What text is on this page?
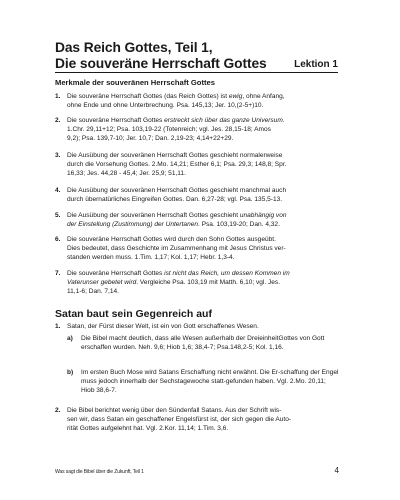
Das Reich Gottes, Teil 1,
Die souveräne Herrschaft Gottes	Lektion 1
Merkmale der souveränen Herrschaft Gottes
1. Die souveräne Herrschaft Gottes (das Reich Gottes) ist ewig, ohne Anfang,
ohne Ende und ohne Unterbrechung. Psa. 145,13; Jer. 10,(2-5+)10.
2. Die souveräne Herrschaft Gottes erstreckt sich über das ganze Universum.
1.Chr. 29,11+12; Psa. 103,19-22 (Totenreich; vgl. Jes. 28,15-18; Amos
9,2); Psa. 139,7-10; Jer. 10,7; Dan. 2,19-23; 4,14+22+29.
3. Die Ausübung der souveränen Herrschaft Gottes geschieht normalerweise
durch die Vorsehung Gottes. 2.Mo. 14,21; Esther 6,1; Psa. 29,3; 148,8; Spr.
16,33; Jes. 44,28 - 45,4; Jer. 25,9; 51,11.
4. Die Ausübung der souveränen Herrschaft Gottes geschieht manchmal auch
durch übernatürliches Eingreifen Gottes. Dan. 6,27-28; vgl. Psa. 135,5-13.
5. Die Ausübung der souveränen Herrschaft Gottes geschieht unabhängig von
der Einstellung (Zustimmung) der Untertanen. Psa. 103,19-20; Dan. 4,32.
6. Die souveräne Herrschaft Gottes wird durch den Sohn Gottes ausgeübt.
Dies bedeutet, dass Geschichte im Zusammenhang mit Jesus Christus ver-
standen werden muss. 1.Tim. 1,17; Kol. 1,17; Hebr. 1,3-4.
7. Die souveräne Herrschaft Gottes ist nicht das Reich, um dessen Kommen im
Vaterunser gebetet wird. Vergleiche Psa. 103,19 mit Matth. 6,10; vgl. Jes.
11,1-6; Dan. 7,14.
Satan baut sein Gegenreich auf
1. Satan, der Fürst dieser Welt, ist ein von Gott erschaffenes Wesen.
a) Die Bibel macht deutlich, dass alle Wesen außerhalb der DreieinheitGottes von Gott erschaffen wurden. Neh. 9,6; Hiob 1,6; 38,4-7; Psa.148,2-5; Kol. 1,16.
b) Im ersten Buch Mose wird Satans Erschaffung nicht erwähnt. Die Er-schaffung der Engel muss jedoch innerhalb der Sechstagewoche statt-gefunden haben. Vgl. 2.Mo. 20,11; Hiob 38,6-7.
2. Die Bibel berichtet wenig über den Sündenfall Satans. Aus der Schrift wis-
sen wir, dass Satan ein geschaffener Engelsfürst ist, der sich gegen die Auto-
rität Gottes aufgelehnt hat. Vgl. 2.Kor. 11,14; 1.Tim. 3,6.
Was sagt die Bibel über die Zukunft, Teil 1	4
